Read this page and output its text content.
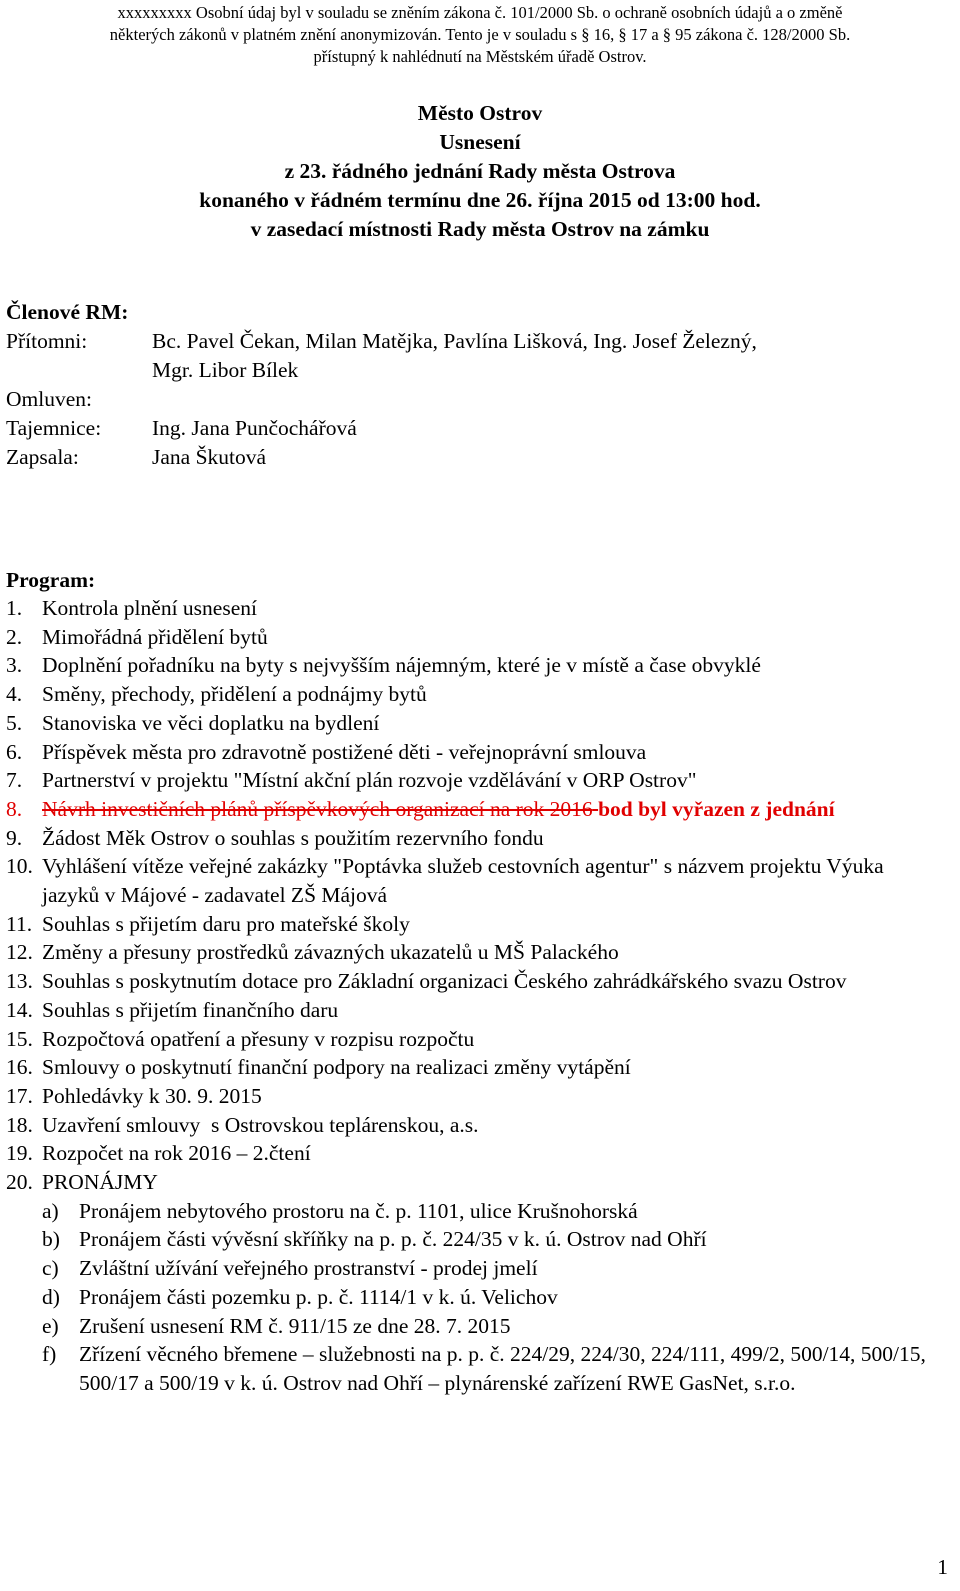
xxxxxxxxx Osobní údaj byl v souladu se zněním zákona č. 101/2000 Sb. o ochraně osobních údajů a o změně
některých zákonů v platném znění anonymizován. Tento je v souladu s § 16, § 17 a § 95 zákona č. 128/2000 Sb.
přístupný k nahlédnutí na Městském úřadě Ostrov.
Město Ostrov
Usnesení
z 23. řádného jednání Rady města Ostrova
konaného v řádném termínu dne 26. října 2015 od 13:00 hod.
v zasedací místnosti Rady města Ostrov na zámku
Členové RM:
Přítomni:	Bc. Pavel Čekan, Milan Matějka, Pavlína Lišková, Ing. Josef Železný,
Mgr. Libor Bílek
Omluven:
Tajemnice: Ing. Jana Punčochářová
Zapsala:	Jana Škutová
Program:
1. Kontrola plnění usnesení
2. Mimořádná přidělení bytů
3. Doplnění pořadníku na byty s nejvyšším nájemným, které je v místě a čase obvyklé
4. Směny, přechody, přidělení a podnájmy bytů
5. Stanoviska ve věci doplatku na bydlení
6. Příspěvek města pro zdravotně postižené děti - veřejnoprávní smlouva
7. Partnerství v projektu "Místní akční plán rozvoje vzdělávání v ORP Ostrov"
8. Návrh investičních plánů příspěvkových organizací na rok 2016 bod byl vyřazen z jednání
9. Žádost Měk Ostrov o souhlas s použitím rezervního fondu
10. Vyhlášení vítěze veřejné zakázky "Poptávka služeb cestovních agentur" s názvem projektu Výuka jazyků v Májové - zadavatel ZŠ Májová
11. Souhlas s přijetím daru pro mateřské školy
12. Změny a přesuny prostředků závazných ukazatelů u MŠ Palackého
13. Souhlas s poskytnutím dotace pro Základní organizaci Českého zahrádkářského svazu Ostrov
14. Souhlas s přijetím finančního daru
15. Rozpočtová opatření a přesuny v rozpisu rozpočtu
16. Smlouvy o poskytnutí finanční podpory na realizaci změny vytápění
17. Pohledávky k 30. 9. 2015
18. Uzavření smlouvy  s Ostrovskou teplárenskou, a.s.
19. Rozpočet na rok 2016 – 2.čtení
20. PRONÁJMY
a) Pronájem nebytového prostoru na č. p. 1101, ulice Krušnohorská
b) Pronájem části vývěsní skříňky na p. p. č. 224/35 v k. ú. Ostrov nad Ohří
c) Zvláštní užívání veřejného prostranství - prodej jmelí
d) Pronájem části pozemku p. p. č. 1114/1 v k. ú. Velichov
e) Zrušení usnesení RM č. 911/15 ze dne 28. 7. 2015
f)	Zřízení věcného břemene – služebnosti na p. p. č. 224/29, 224/30, 224/111, 499/2, 500/14, 500/15, 500/17 a 500/19 v k. ú. Ostrov nad Ohří – plynárenské zařízení RWE GasNet, s.r.o.
1
